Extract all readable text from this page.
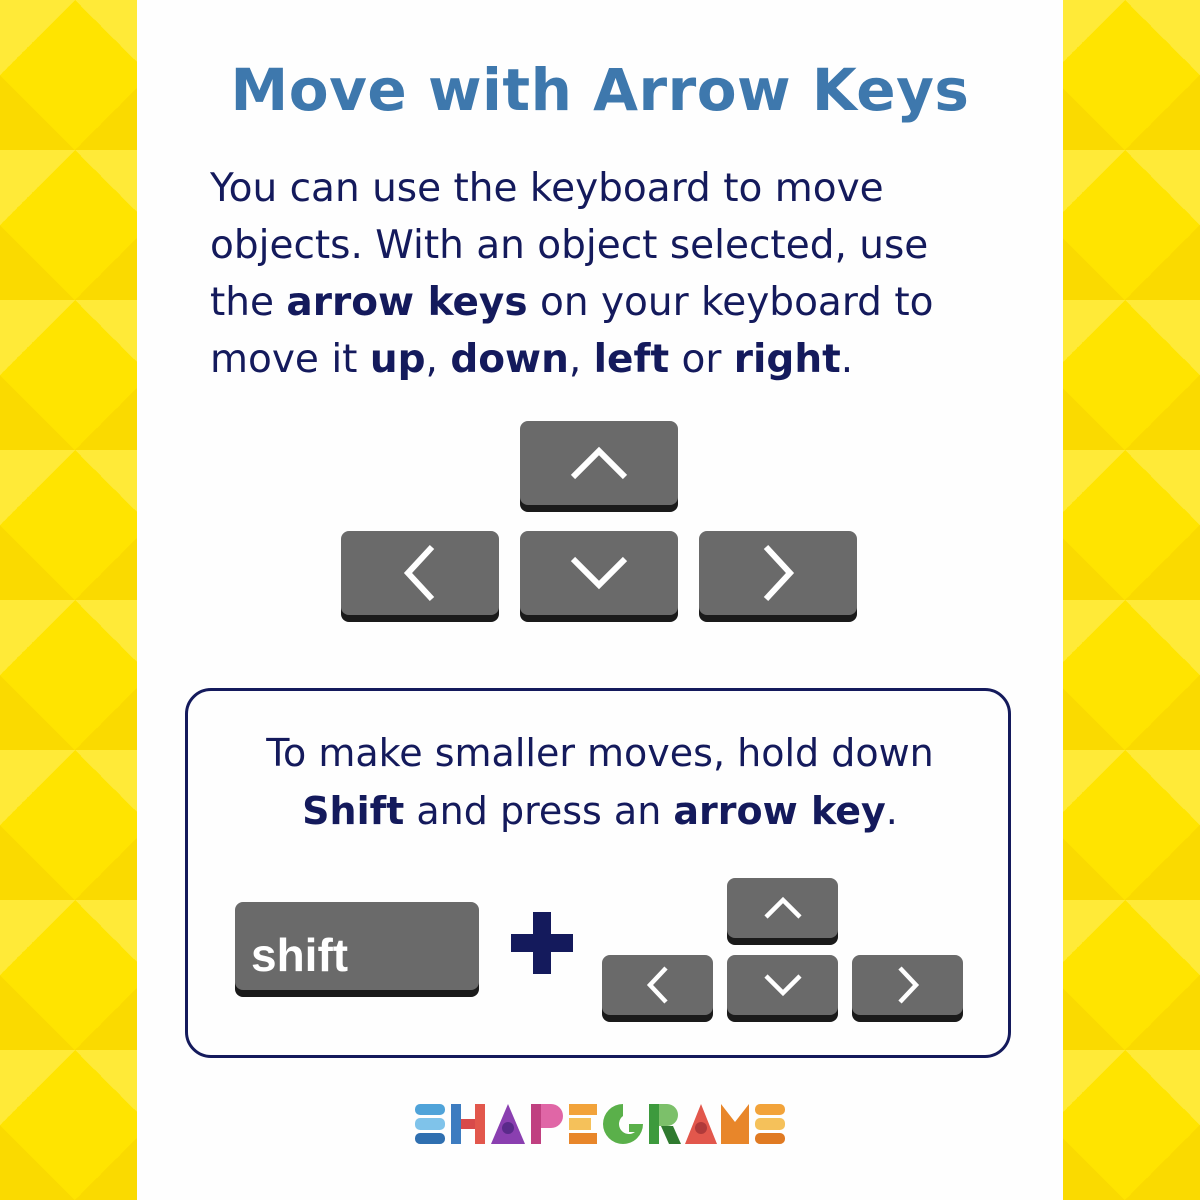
Move with Arrow Keys

You can use the keyboard to move objects. With an object selected, use the arrow keys on your keyboard to move it up, down, left or right.

To make smaller moves, hold down
Shift and press an arrow key.

shift
